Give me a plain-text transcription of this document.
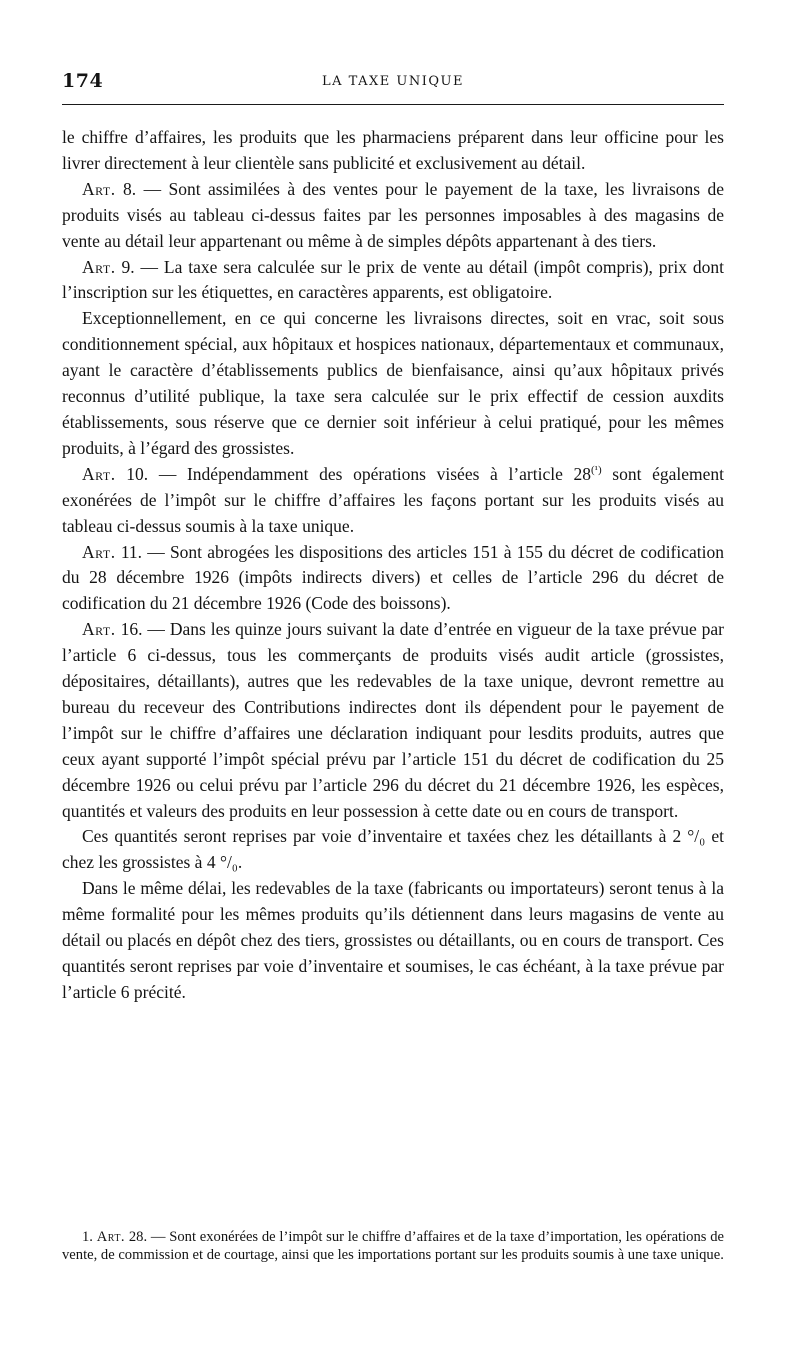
174	LA TAXE UNIQUE

le chiffre d’affaires, les produits que les pharmaciens préparent dans leur officine pour les livrer directement à leur clientèle sans publicité et exclusivement au détail.

Art. 8. — Sont assimilées à des ventes pour le payement de la taxe, les livraisons de produits visés au tableau ci-dessus faites par les personnes imposables à des magasins de vente au détail leur appartenant ou même à de simples dépôts appartenant à des tiers.

Art. 9. — La taxe sera calculée sur le prix de vente au détail (impôt compris), prix dont l’inscription sur les étiquettes, en caractères apparents, est obligatoire.

Exceptionnellement, en ce qui concerne les livraisons directes, soit en vrac, soit sous conditionnement spécial, aux hôpitaux et hospices nationaux, départementaux et communaux, ayant le caractère d’établissements publics de bienfaisance, ainsi qu’aux hôpitaux privés reconnus d’utilité publique, la taxe sera calculée sur le prix effectif de cession auxdits établissements, sous réserve que ce dernier soit inférieur à celui pratiqué, pour les mêmes produits, à l’égard des grossistes.

Art. 10. — Indépendamment des opérations visées à l’article 28$^{(^1)}$ sont également exonérées de l’impôt sur le chiffre d’affaires les façons portant sur les produits visés au tableau ci-dessus soumis à la taxe unique.

Art. 11. — Sont abrogées les dispositions des articles 151 à 155 du décret de codification du 28 décembre 1926 (impôts indirects divers) et celles de l’article 296 du décret de codification du 21 décembre 1926 (Code des boissons).

Art. 16. — Dans les quinze jours suivant la date d’entrée en vigueur de la taxe prévue par l’article 6 ci-dessus, tous les commerçants de produits visés audit article (grossistes, dépositaires, détaillants), autres que les redevables de la taxe unique, devront remettre au bureau du receveur des Contributions indirectes dont ils dépendent pour le payement de l’impôt sur le chiffre d’affaires une déclaration indiquant pour lesdits produits, autres que ceux ayant supporté l’impôt spécial prévu par l’article 151 du décret de codification du 25 décembre 1926 ou celui prévu par l’article 296 du décret du 21 décembre 1926, les espèces, quantités et valeurs des produits en leur possession à cette date ou en cours de transport.

Ces quantités seront reprises par voie d’inventaire et taxées chez les détaillants à 2 °/₀ et chez les grossistes à 4 °/₀.

Dans le même délai, les redevables de la taxe (fabricants ou importateurs) seront tenus à la même formalité pour les mêmes produits qu’ils détiennent dans leurs magasins de vente au détail ou placés en dépôt chez des tiers, grossistes ou détaillants, ou en cours de transport. Ces quantités seront reprises par voie d’inventaire et soumises, le cas échéant, à la taxe prévue par l’article 6 précité.

1. Art. 28. — Sont exonérées de l’impôt sur le chiffre d’affaires et de la taxe d’importation, les opérations de vente, de commission et de courtage, ainsi que les importations portant sur les produits soumis à une taxe unique.
